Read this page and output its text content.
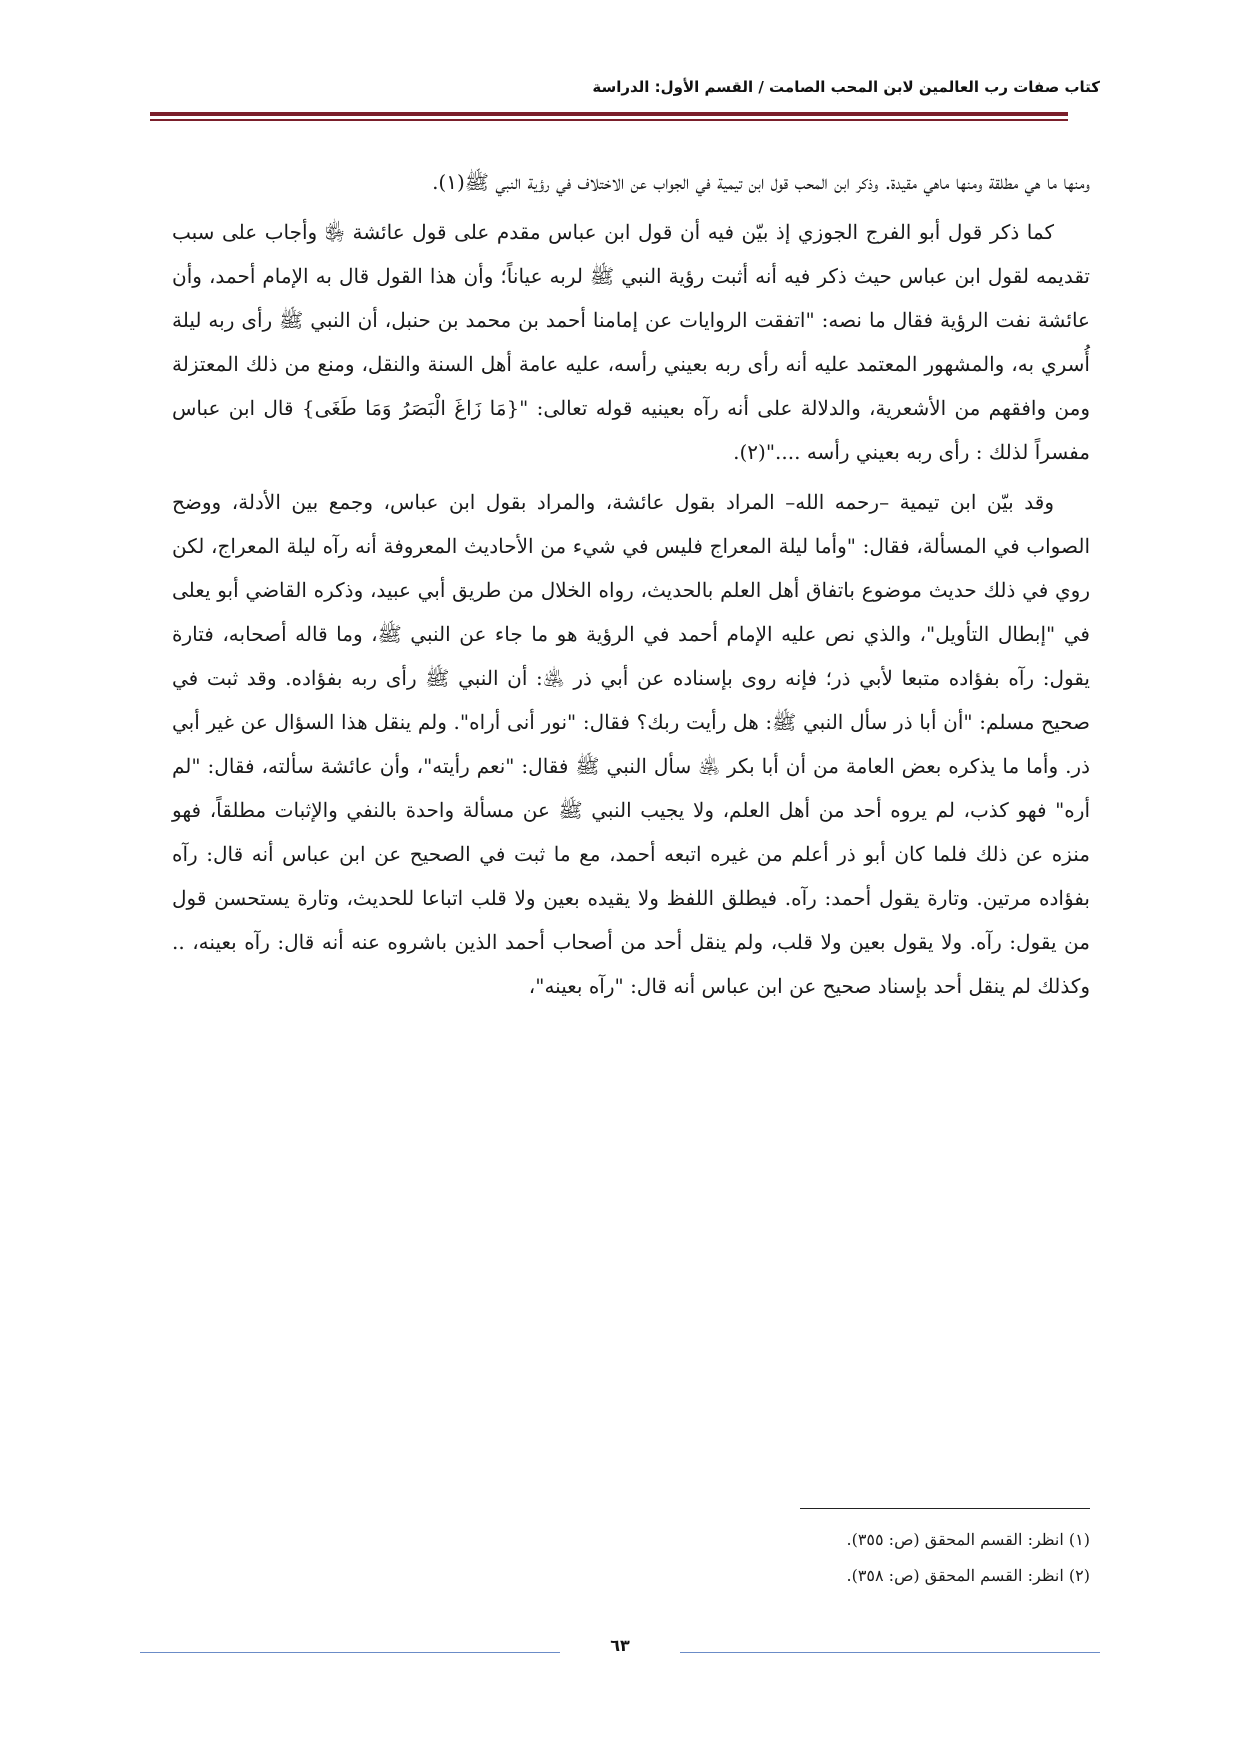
كتاب صفات رب العالمين لابن المحب الصامت / القسم الأول: الدراسة

ومنها ما هي مطلقة ومنها ماهي مقيدة. وذكر ابن المحب قول ابن تيمية في الجواب عن الاختلاف في رؤية النبي ﷺ(١).

كما ذكر قول أبو الفرج الجوزي إذ بيّن فيه أن قول ابن عباس مقدم على قول عائشة ﵂ وأجاب على سبب تقديمه لقول ابن عباس حيث ذكر فيه أنه أثبت رؤية النبي ﷺ لربه عياناً؛ وأن هذا القول قال به الإمام أحمد، وأن عائشة نفت الرؤية فقال ما نصه: "اتفقت الروايات عن إمامنا أحمد بن محمد بن حنبل، أن النبي ﷺ رأى ربه ليلة أُسري به، والمشهور المعتمد عليه أنه رأى ربه بعيني رأسه، عليه عامة أهل السنة والنقل، ومنع من ذلك المعتزلة ومن وافقهم من الأشعرية، والدلالة على أنه رآه بعينيه قوله تعالى: "{مَا زَاغَ الْبَصَرُ وَمَا طَغَى} قال ابن عباس مفسراً لذلك : رأى ربه بعيني رأسه ...."(٢).

وقد بيّن ابن تيمية –رحمه الله– المراد بقول عائشة، والمراد بقول ابن عباس، وجمع بين الأدلة، ووضح الصواب في المسألة، فقال: "وأما ليلة المعراج فليس في شيء من الأحاديث المعروفة أنه رآه ليلة المعراج، لكن روي في ذلك حديث موضوع باتفاق أهل العلم بالحديث، رواه الخلال من طريق أبي عبيد، وذكره القاضي أبو يعلى في "إبطال التأويل"، والذي نص عليه الإمام أحمد في الرؤية هو ما جاء عن النبي ﷺ، وما قاله أصحابه، فتارة يقول: رآه بفؤاده متبعا لأبي ذر؛ فإنه روى بإسناده عن أبي ذر ﵁: أن النبي ﷺ رأى ربه بفؤاده. وقد ثبت في صحيح مسلم: "أن أبا ذر سأل النبي ﷺ: هل رأيت ربك؟ فقال: "نور أنى أراه". ولم ينقل هذا السؤال عن غير أبي ذر. وأما ما يذكره بعض العامة من أن أبا بكر ﵁ سأل النبي ﷺ فقال: "نعم رأيته"، وأن عائشة سألته، فقال: "لم أره" فهو كذب، لم يروه أحد من أهل العلم، ولا يجيب النبي ﷺ عن مسألة واحدة بالنفي والإثبات مطلقاً، فهو منزه عن ذلك فلما كان أبو ذر أعلم من غيره اتبعه أحمد، مع ما ثبت في الصحيح عن ابن عباس أنه قال: رآه بفؤاده مرتين. وتارة يقول أحمد: رآه. فيطلق اللفظ ولا يقيده بعين ولا قلب اتباعا للحديث، وتارة يستحسن قول من يقول: رآه. ولا يقول بعين ولا قلب، ولم ينقل أحد من أصحاب أحمد الذين باشروه عنه أنه قال: رآه بعينه، .. وكذلك لم ينقل أحد بإسناد صحيح عن ابن عباس أنه قال: "رآه بعينه"،

(١) انظر: القسم المحقق (ص: ٣٥٥).
(٢) انظر: القسم المحقق (ص: ٣٥٨).
٦٣
